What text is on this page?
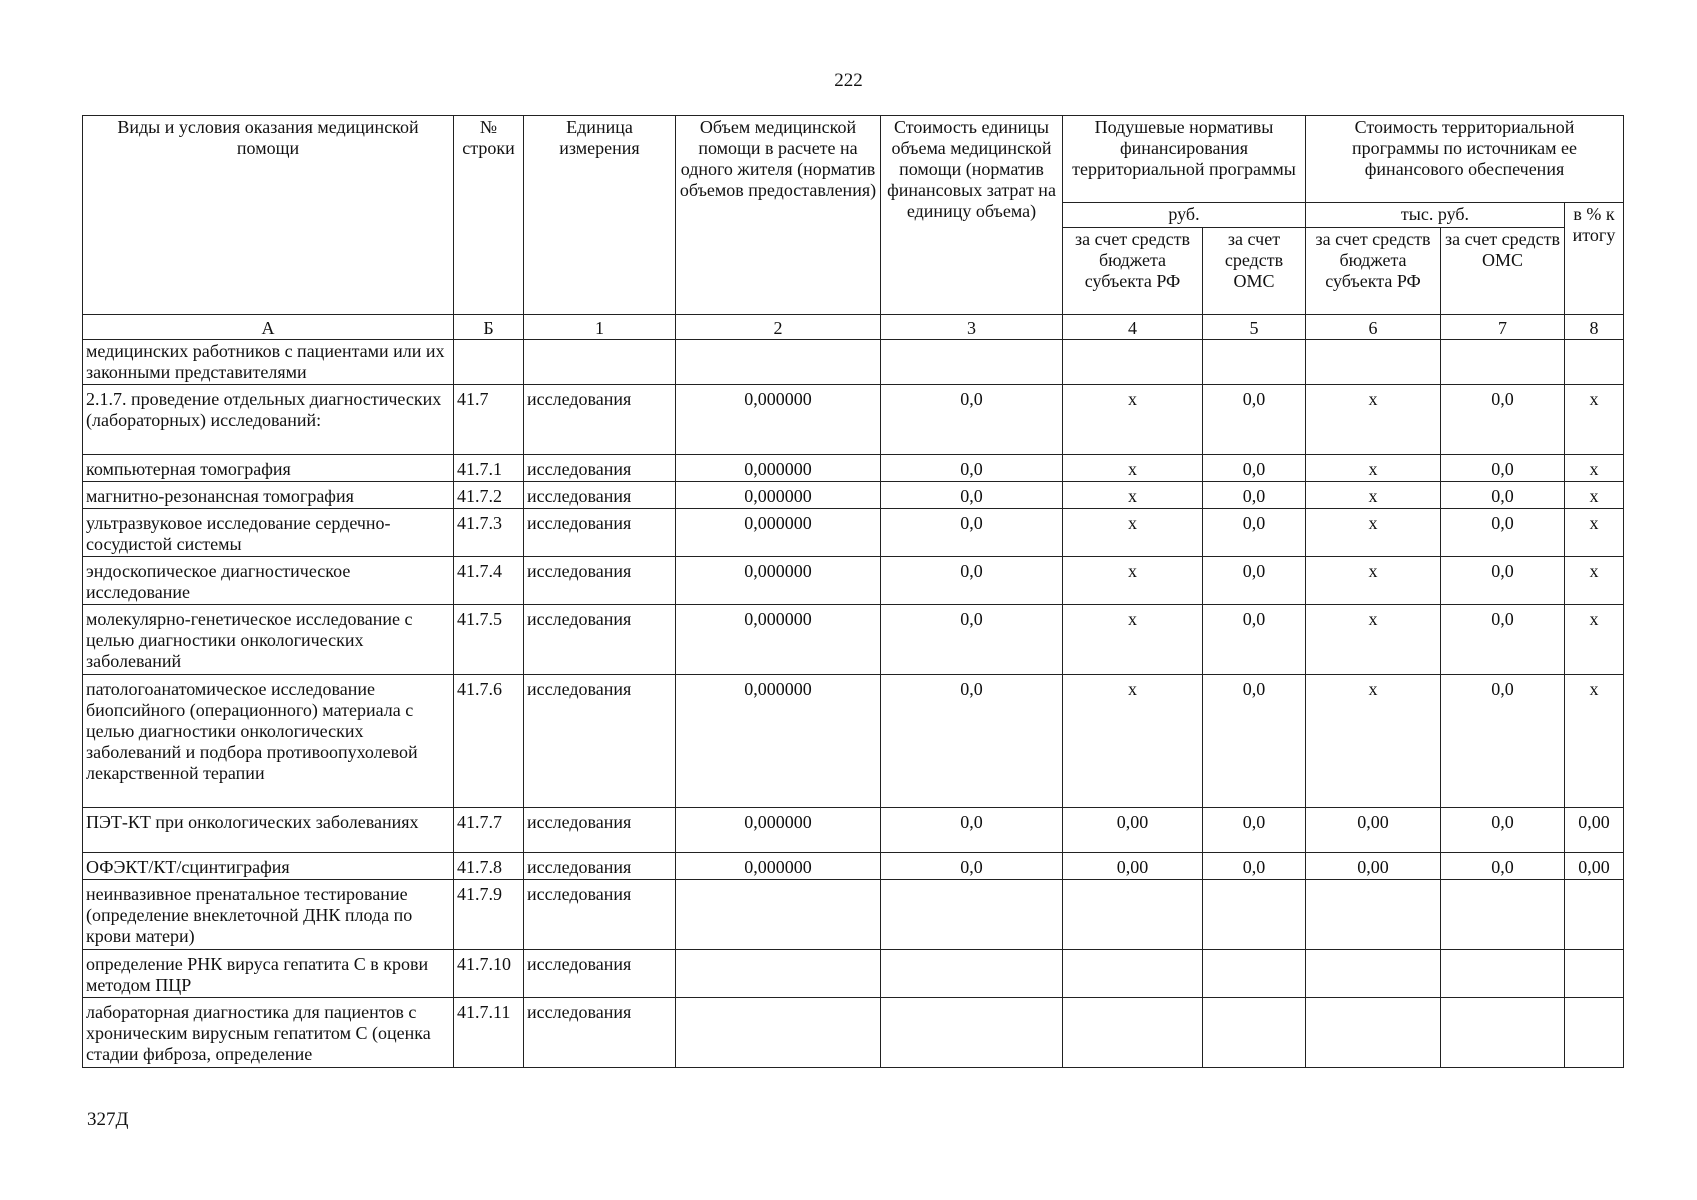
222
Виды и условия оказания медицинской помощи	№ строки	Единица измерения	Объем медицинской помощи в расчете на одного жителя (норматив объемов предоставления)	Стоимость единицы объема медицинской помощи (норматив финансовых затрат на единицу объема)	Подушевые нормативы финансирования территориальной программы		Стоимость территориальной программы по источникам ее финансового обеспечения		
					руб.		тыс. руб.		в % к итогу
					за счет средств бюджета субъекта РФ	за счет средств ОМС	за счет средств бюджета субъекта РФ	за счет средств ОМС	
А	Б	1	2	3	4	5	6	7	8
медицинских работников с пациентами или их законными представителями									
2.1.7. проведение отдельных диагностических (лабораторных) исследований:	41.7	исследования	0,000000	0,0	х	0,0	х	0,0	х
компьютерная томография	41.7.1	исследования	0,000000	0,0	х	0,0	х	0,0	х
магнитно-резонансная томография	41.7.2	исследования	0,000000	0,0	х	0,0	х	0,0	х
ультразвуковое исследование сердечно-сосудистой системы	41.7.3	исследования	0,000000	0,0	х	0,0	х	0,0	х
эндоскопическое диагностическое исследование	41.7.4	исследования	0,000000	0,0	х	0,0	х	0,0	х
молекулярно-генетическое исследование с целью диагностики онкологических заболеваний	41.7.5	исследования	0,000000	0,0	х	0,0	х	0,0	х
патологоанатомическое исследование биопсийного (операционного) материала с целью диагностики онкологических заболеваний и подбора противоопухолевой лекарственной терапии	41.7.6	исследования	0,000000	0,0	х	0,0	х	0,0	х
ПЭТ-КТ при онкологических заболеваниях	41.7.7	исследования	0,000000	0,0	0,00	0,0	0,00	0,0	0,00
ОФЭКТ/КТ/сцинтиграфия	41.7.8	исследования	0,000000	0,0	0,00	0,0	0,00	0,0	0,00
неинвазивное пренатальное тестирование (определение внеклеточной ДНК плода по крови матери)	41.7.9	исследования							
определение РНК вируса гепатита С в крови методом ПЦР	41.7.10	исследования							
лабораторная диагностика для пациентов с хроническим вирусным гепатитом С (оценка стадии фиброза, определение	41.7.11	исследования							
327Д
